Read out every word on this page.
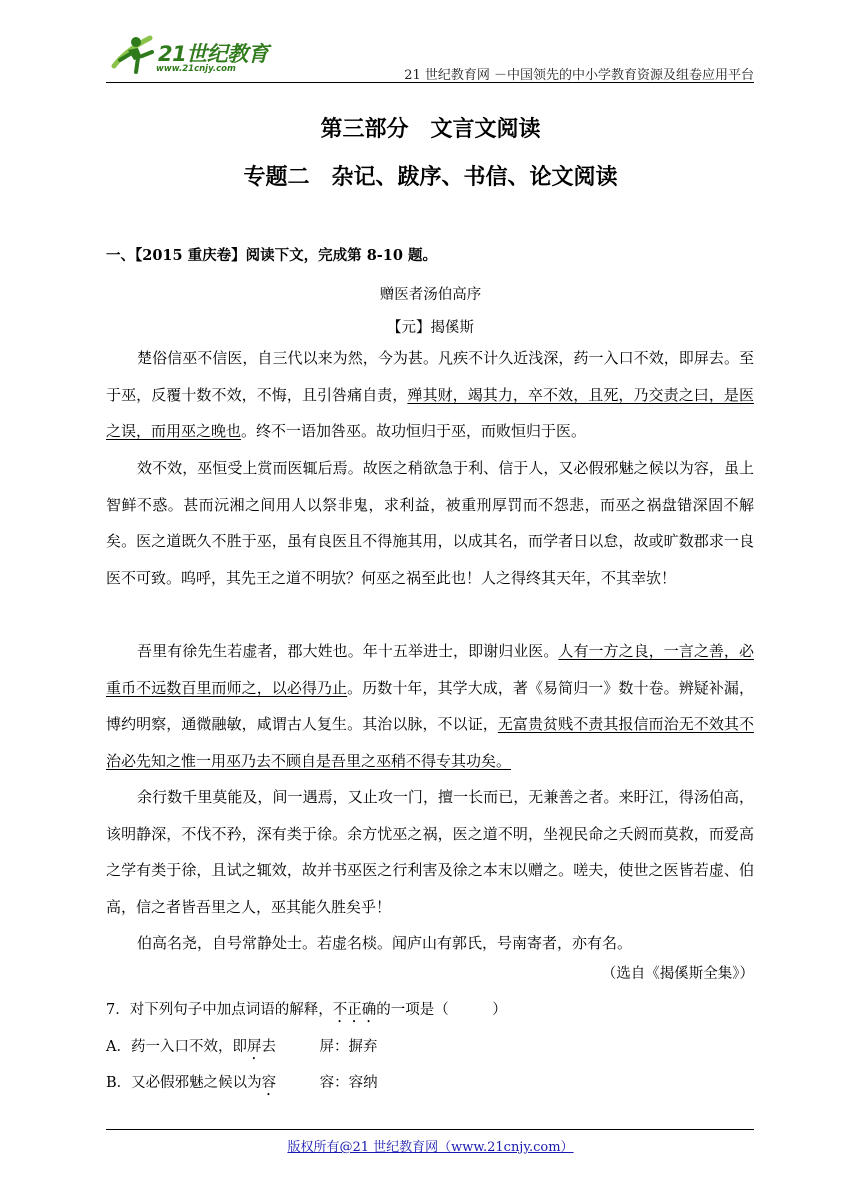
21世纪教育
www.21cnjy.com	21 世纪教育网 －中国领先的中小学教育资源及组卷应用平台
第三部分　文言文阅读
专题二　杂记、跋序、书信、论文阅读
一、【2015 重庆卷】阅读下文，完成第 8-10 题。
赠医者汤伯高序
【元】揭傒斯
楚俗信巫不信医，自三代以来为然，今为甚。凡疾不计久近浅深，药一入口不效，即屏去。至于巫，反覆十数不效，不悔，且引咎痛自责，殚其财，竭其力，卒不效，且死，乃交责之曰，是医之误，而用巫之晚也。终不一语加咎巫。故功恒归于巫，而败恒归于医。
效不效，巫恒受上赏而医辄后焉。故医之稍欲急于利、信于人，又必假邪魅之候以为容，虽上智鲜不惑。甚而沅湘之间用人以祭非鬼，求利益，被重刑厚罚而不怨悲，而巫之祸盘错深固不解矣。医之道既久不胜于巫，虽有良医且不得施其用，以成其名，而学者日以怠，故或旷数郡求一良医不可致。呜呼，其先王之道不明欤？何巫之祸至此也！人之得终其天年，不其幸欤！
吾里有徐先生若虚者，郡大姓也。年十五举进士，即谢归业医。人有一方之良，一言之善，必重币不远数百里而师之，以必得乃止。历数十年，其学大成，著《易简归一》数十卷。辨疑补漏，博约明察，通微融敏，咸谓古人复生。其治以脉，不以证，无富贵贫贱不责其报信而治无不效其不治必先知之惟一用巫乃去不顾自是吾里之巫稍不得专其功矣。
余行数千里莫能及，间一遇焉，又止攻一门，擅一长而已，无兼善之者。来盱江，得汤伯高，该明静深，不伐不矜，深有类于徐。余方忧巫之祸，医之道不明，坐视民命之夭阏而莫救，而爱高之学有类于徐，且试之辄效，故并书巫医之行利害及徐之本末以赠之。嗟夫，使世之医皆若虚、伯高，信之者皆吾里之人，巫其能久胜矣乎！
伯高名尧，自号常静处士。若虚名棪。闻庐山有郭氏，号南寄者，亦有名。
（选自《揭傒斯全集》）
7．对下列句子中加点词语的解释，不正确的一项是（　　　）
A．药一入口不效，即屏去　　　屏：摒弃
B．又必假邪魅之候以为容　　　容：容纳
版权所有@21 世纪教育网（www.21cnjy.com）
